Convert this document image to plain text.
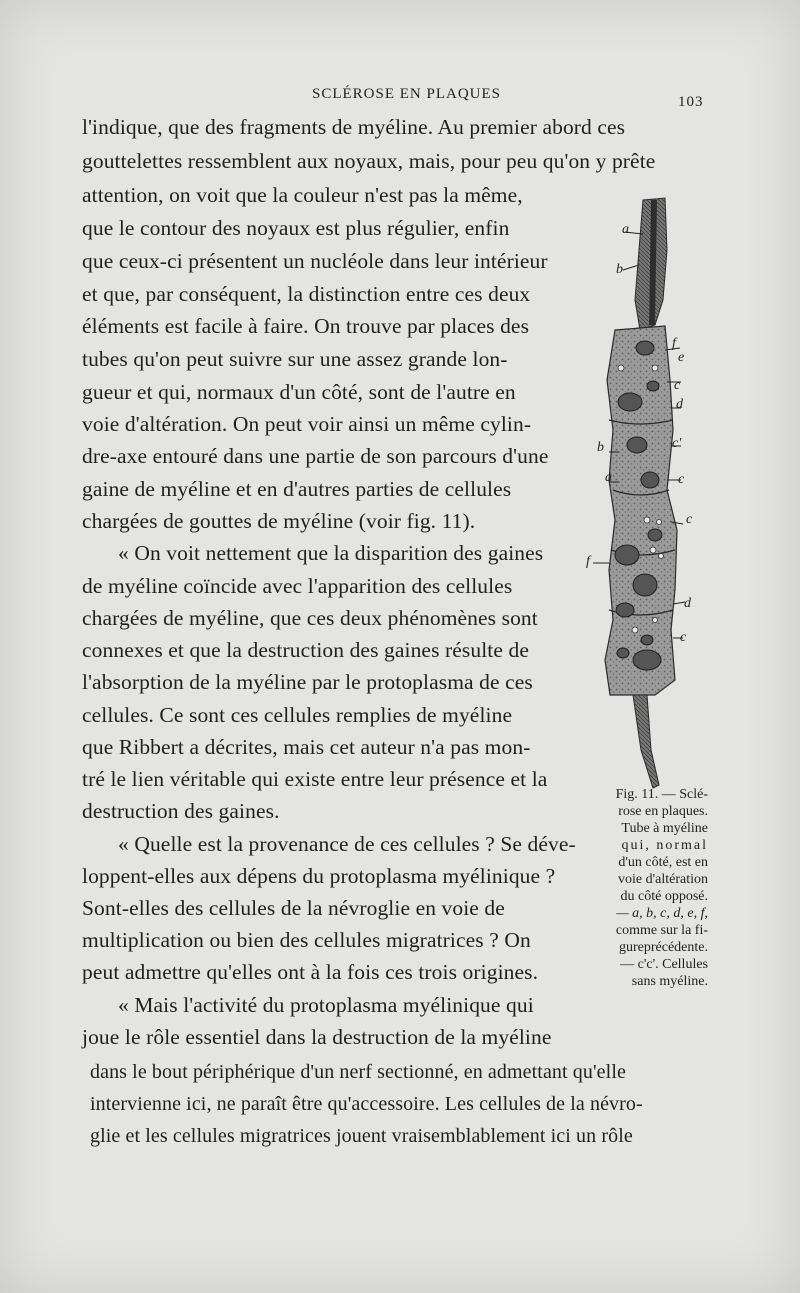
SCLÉROSE EN PLAQUES	103
l'indique, que des fragments de myéline. Au premier abord ces
gouttelettes ressemblent aux noyaux, mais, pour peu qu'on y prête
attention, on voit que la couleur n'est pas la même,
que le contour des noyaux est plus régulier, enfin
que ceux-ci présentent un nucléole dans leur intérieur
et que, par conséquent, la distinction entre ces deux
éléments est facile à faire. On trouve par places des
tubes qu'on peut suivre sur une assez grande lon-
gueur et qui, normaux d'un côté, sont de l'autre en
voie d'altération. On peut voir ainsi un même cylin-
dre-axe entouré dans une partie de son parcours d'une
gaine de myéline et en d'autres parties de cellules
chargées de gouttes de myéline (voir fig. 11).
« On voit nettement que la disparition des gaines
de myéline coïncide avec l'apparition des cellules
chargées de myéline, que ces deux phénomènes sont
connexes et que la destruction des gaines résulte de
l'absorption de la myéline par le protoplasma de ces
cellules. Ce sont ces cellules remplies de myéline
que Ribbert a décrites, mais cet auteur n'a pas mon-
tré le lien véritable qui existe entre leur présence et la
destruction des gaines.
« Quelle est la provenance de ces cellules ? Se déve-
loppent-elles aux dépens du protoplasma myélinique ?
Sont-elles des cellules de la névroglie en voie de
multiplication ou bien des cellules migratrices ? On
peut admettre qu'elles ont à la fois ces trois origines.
« Mais l'activité du protoplasma myélinique qui
joue le rôle essentiel dans la destruction de la myéline
dans le bout périphérique d'un nerf sectionné, en admettant qu'elle
intervienne ici, ne paraît être qu'accessoire. Les cellules de la névro-
glie et les cellules migratrices jouent vraisemblablement ici un rôle
a
b
f
e
c
d
b	c'
a	c
c
f
d
c
Fig. 11. — Sclé-
rose en plaques.
Tube à myéline
qui, normal
d'un côté, est en
voie d'altération
du côté opposé.
— a, b, c, d, e, f,
comme sur la fi-
gureprécédente.
— c'c'. Cellules
sans myéline.
